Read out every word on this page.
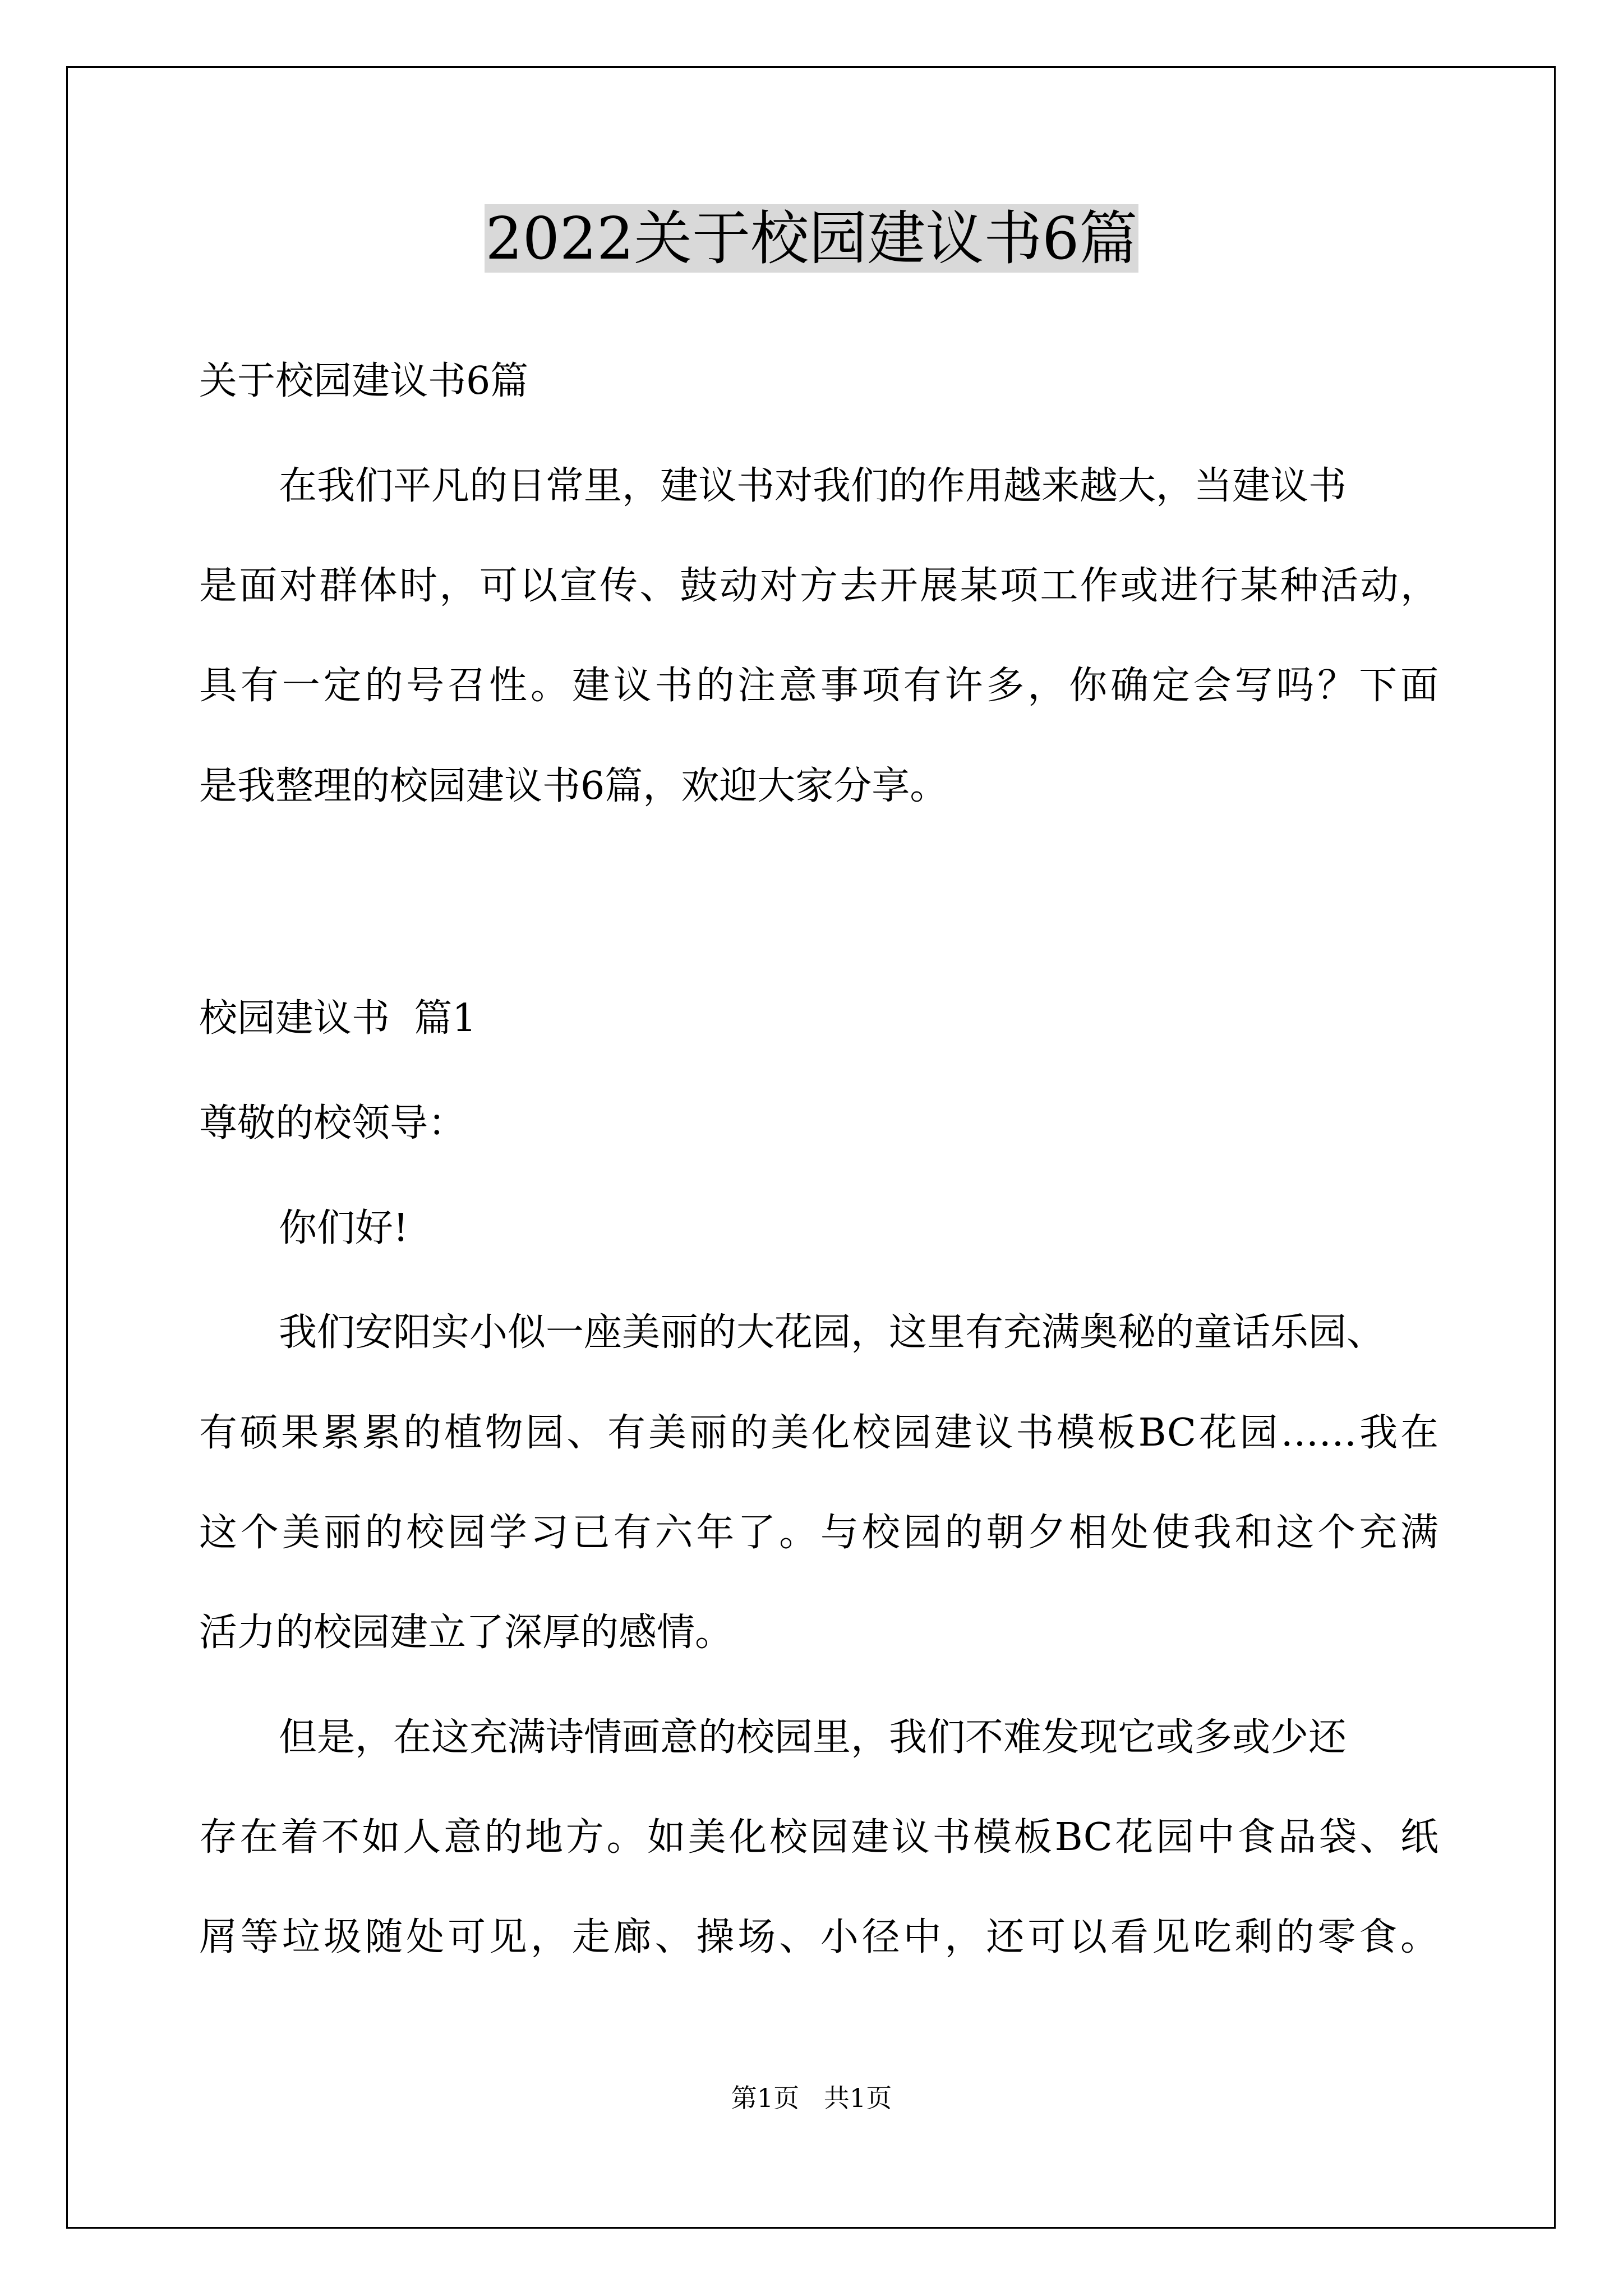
2022关于校园建议书6篇

关于校园建议书6篇

在我们平凡的日常里，建议书对我们的作用越来越大，当建议书

是面对群体时，可以宣传、鼓动对方去开展某项工作或进行某种活动，

具有一定的号召性。建议书的注意事项有许多，你确定会写吗？下面

是我整理的校园建议书6篇，欢迎大家分享。

校园建议书  篇1

尊敬的校领导：

你们好!

我们安阳实小似一座美丽的大花园，这里有充满奥秘的童话乐园、

有硕果累累的植物园、有美丽的美化校园建议书模板BC花园……我在

这个美丽的校园学习已有六年了。与校园的朝夕相处使我和这个充满

活力的校园建立了深厚的感情。

但是，在这充满诗情画意的校园里，我们不难发现它或多或少还

存在着不如人意的地方。如美化校园建议书模板BC花园中食品袋、纸

屑等垃圾随处可见，走廊、操场、小径中，还可以看见吃剩的零食。

第1页   共1页
